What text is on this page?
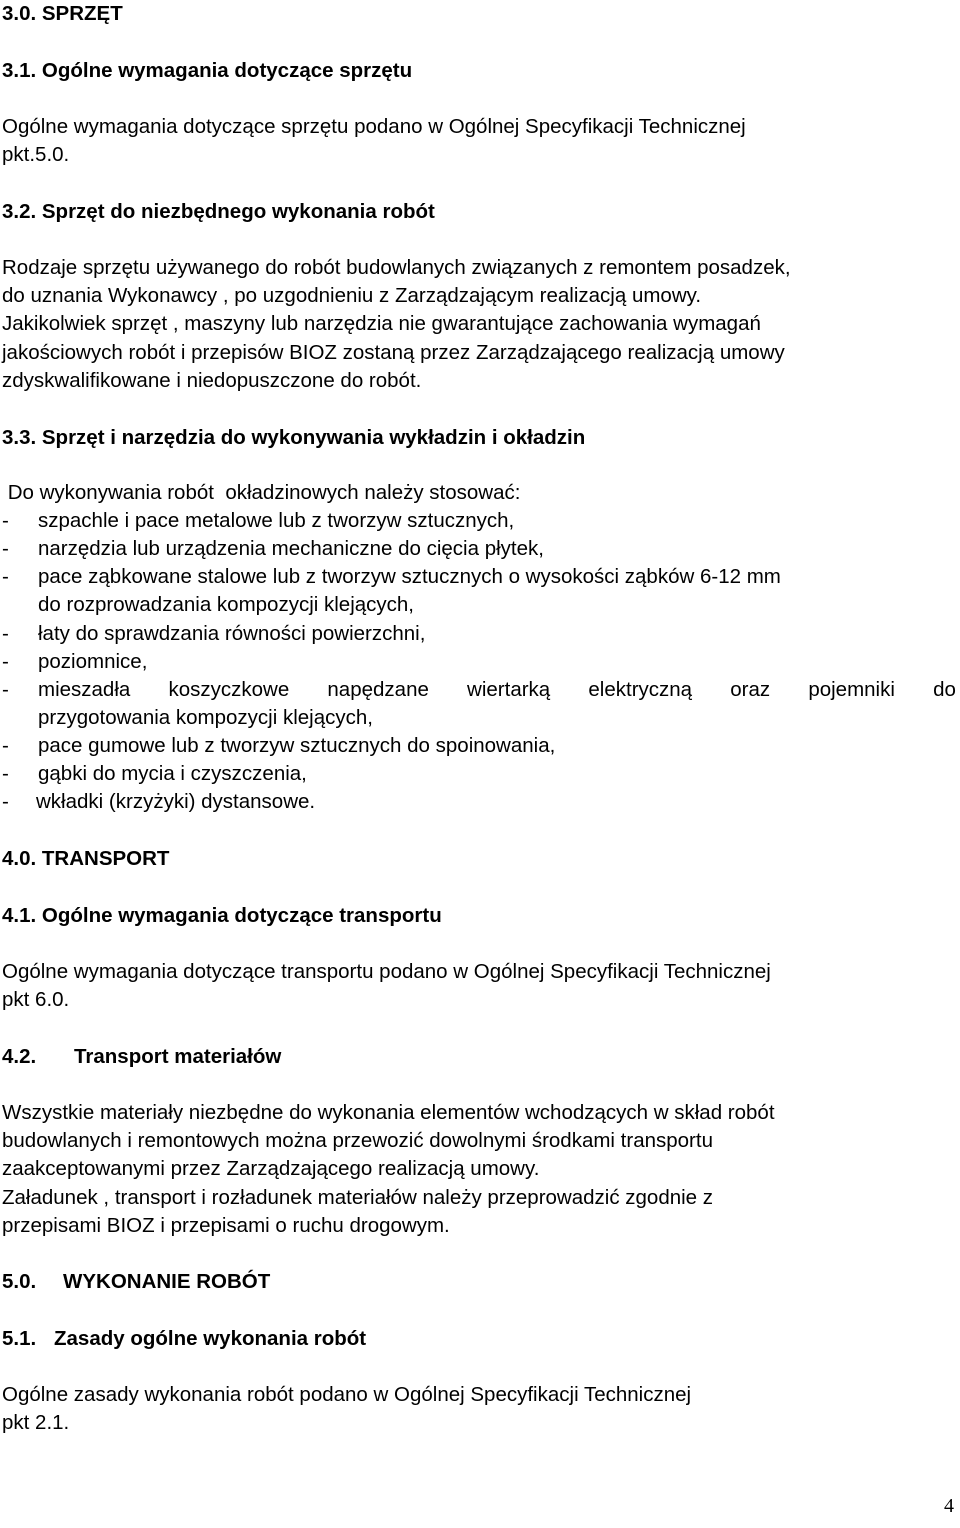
3.0. SPRZĘT
3.1. Ogólne wymagania dotyczące sprzętu
Ogólne wymagania dotyczące sprzętu podano w Ogólnej Specyfikacji Technicznej
pkt.5.0.
3.2. Sprzęt do niezbędnego wykonania robót
Rodzaje sprzętu używanego do robót budowlanych związanych z remontem posadzek,
do uznania Wykonawcy , po uzgodnieniu z Zarządzającym realizacją umowy.
Jakikolwiek sprzęt , maszyny lub narzędzia nie gwarantujące zachowania wymagań
jakościowych robót i przepisów BIOZ zostaną przez Zarządzającego realizacją umowy
zdyskwalifikowane i niedopuszczone do robót.
3.3. Sprzęt i narzędzia do wykonywania wykładzin i okładzin
Do wykonywania robót  okładzinowych należy stosować:
- szpachle i pace metalowe lub z tworzyw sztucznych,
- narzędzia lub urządzenia mechaniczne do cięcia płytek,
- pace ząbkowane stalowe lub z tworzyw sztucznych o wysokości ząbków 6-12 mm
do rozprowadzania kompozycji klejących,
- łaty do sprawdzania równości powierzchni,
- poziomnice,
-	mieszadła koszyczkowe napędzane wiertarką elektryczną oraz pojemniki do
przygotowania kompozycji klejących,
- pace gumowe lub z tworzyw sztucznych do spoinowania,
- gąbki do mycia i czyszczenia,
- wkładki (krzyżyki) dystansowe.
4.0. TRANSPORT
4.1. Ogólne wymagania dotyczące transportu
Ogólne wymagania dotyczące transportu podano w Ogólnej Specyfikacji Technicznej
pkt 6.0.
4.2. Transport materiałów
Wszystkie materiały niezbędne do wykonania elementów wchodzących w skład robót
budowlanych i remontowych można przewozić dowolnymi środkami transportu
zaakceptowanymi przez Zarządzającego realizacją umowy.
Załadunek , transport i rozładunek materiałów należy przeprowadzić zgodnie z
przepisami BIOZ i przepisami o ruchu drogowym.
5.0. WYKONANIE ROBÓT
5.1. Zasady ogólne wykonania robót
Ogólne zasady wykonania robót podano w Ogólnej Specyfikacji Technicznej
pkt 2.1.
4
